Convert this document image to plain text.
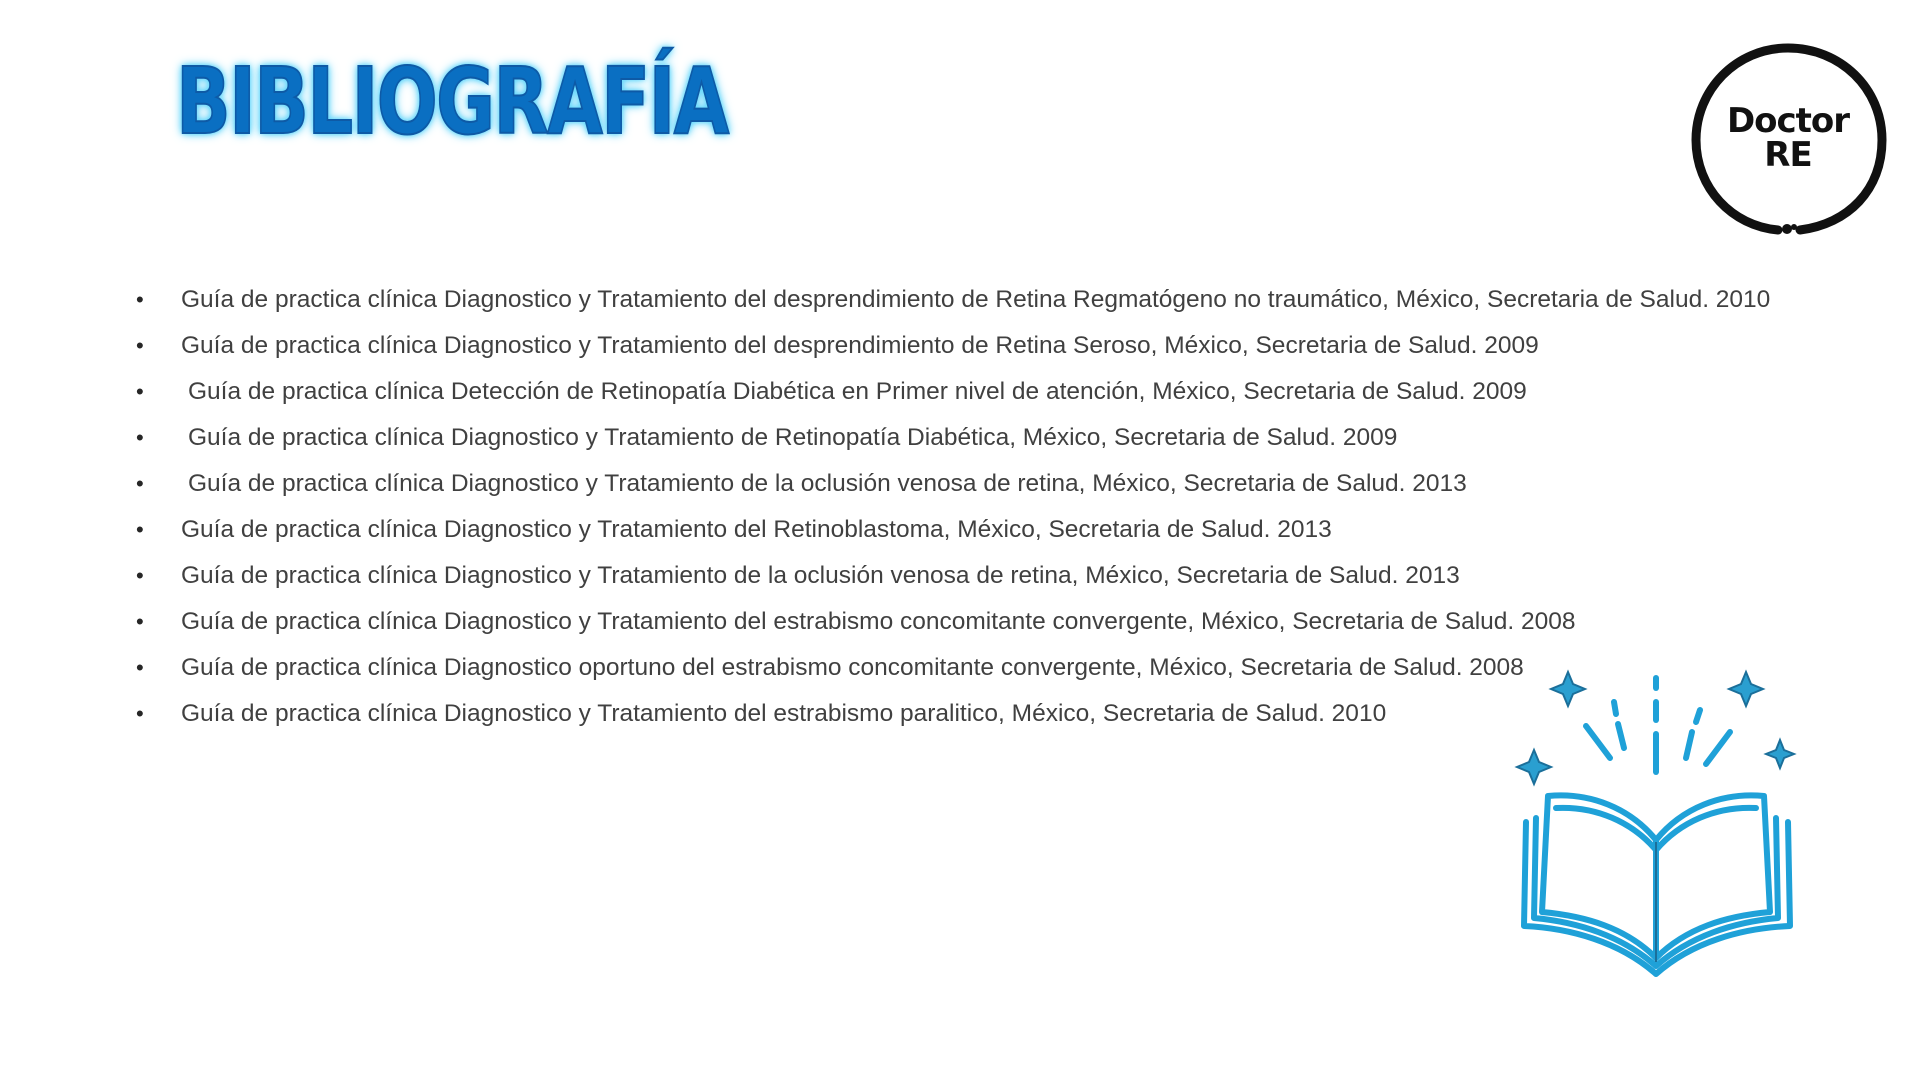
BIBLIOGRAFÍA	Doctor
RE
• Guía de practica clínica Diagnostico y Tratamiento del desprendimiento de Retina Regmatógeno no traumático, México, Secretaria de Salud. 2010
• Guía de practica clínica Diagnostico y Tratamiento del desprendimiento de Retina Seroso, México, Secretaria de Salud. 2009
• Guía de practica clínica Detección de Retinopatía Diabética en Primer nivel de atención, México, Secretaria de Salud. 2009
• Guía de practica clínica Diagnostico y Tratamiento de Retinopatía Diabética, México, Secretaria de Salud. 2009
• Guía de practica clínica Diagnostico y Tratamiento de la oclusión venosa de retina, México, Secretaria de Salud. 2013
• Guía de practica clínica Diagnostico y Tratamiento del Retinoblastoma, México, Secretaria de Salud. 2013
• Guía de practica clínica Diagnostico y Tratamiento de la oclusión venosa de retina, México, Secretaria de Salud. 2013
• Guía de practica clínica Diagnostico y Tratamiento del estrabismo concomitante convergente, México, Secretaria de Salud. 2008
• Guía de practica clínica Diagnostico oportuno del estrabismo concomitante convergente, México, Secretaria de Salud. 2008
• Guía de practica clínica Diagnostico y Tratamiento del estrabismo paralitico, México, Secretaria de Salud. 2010
